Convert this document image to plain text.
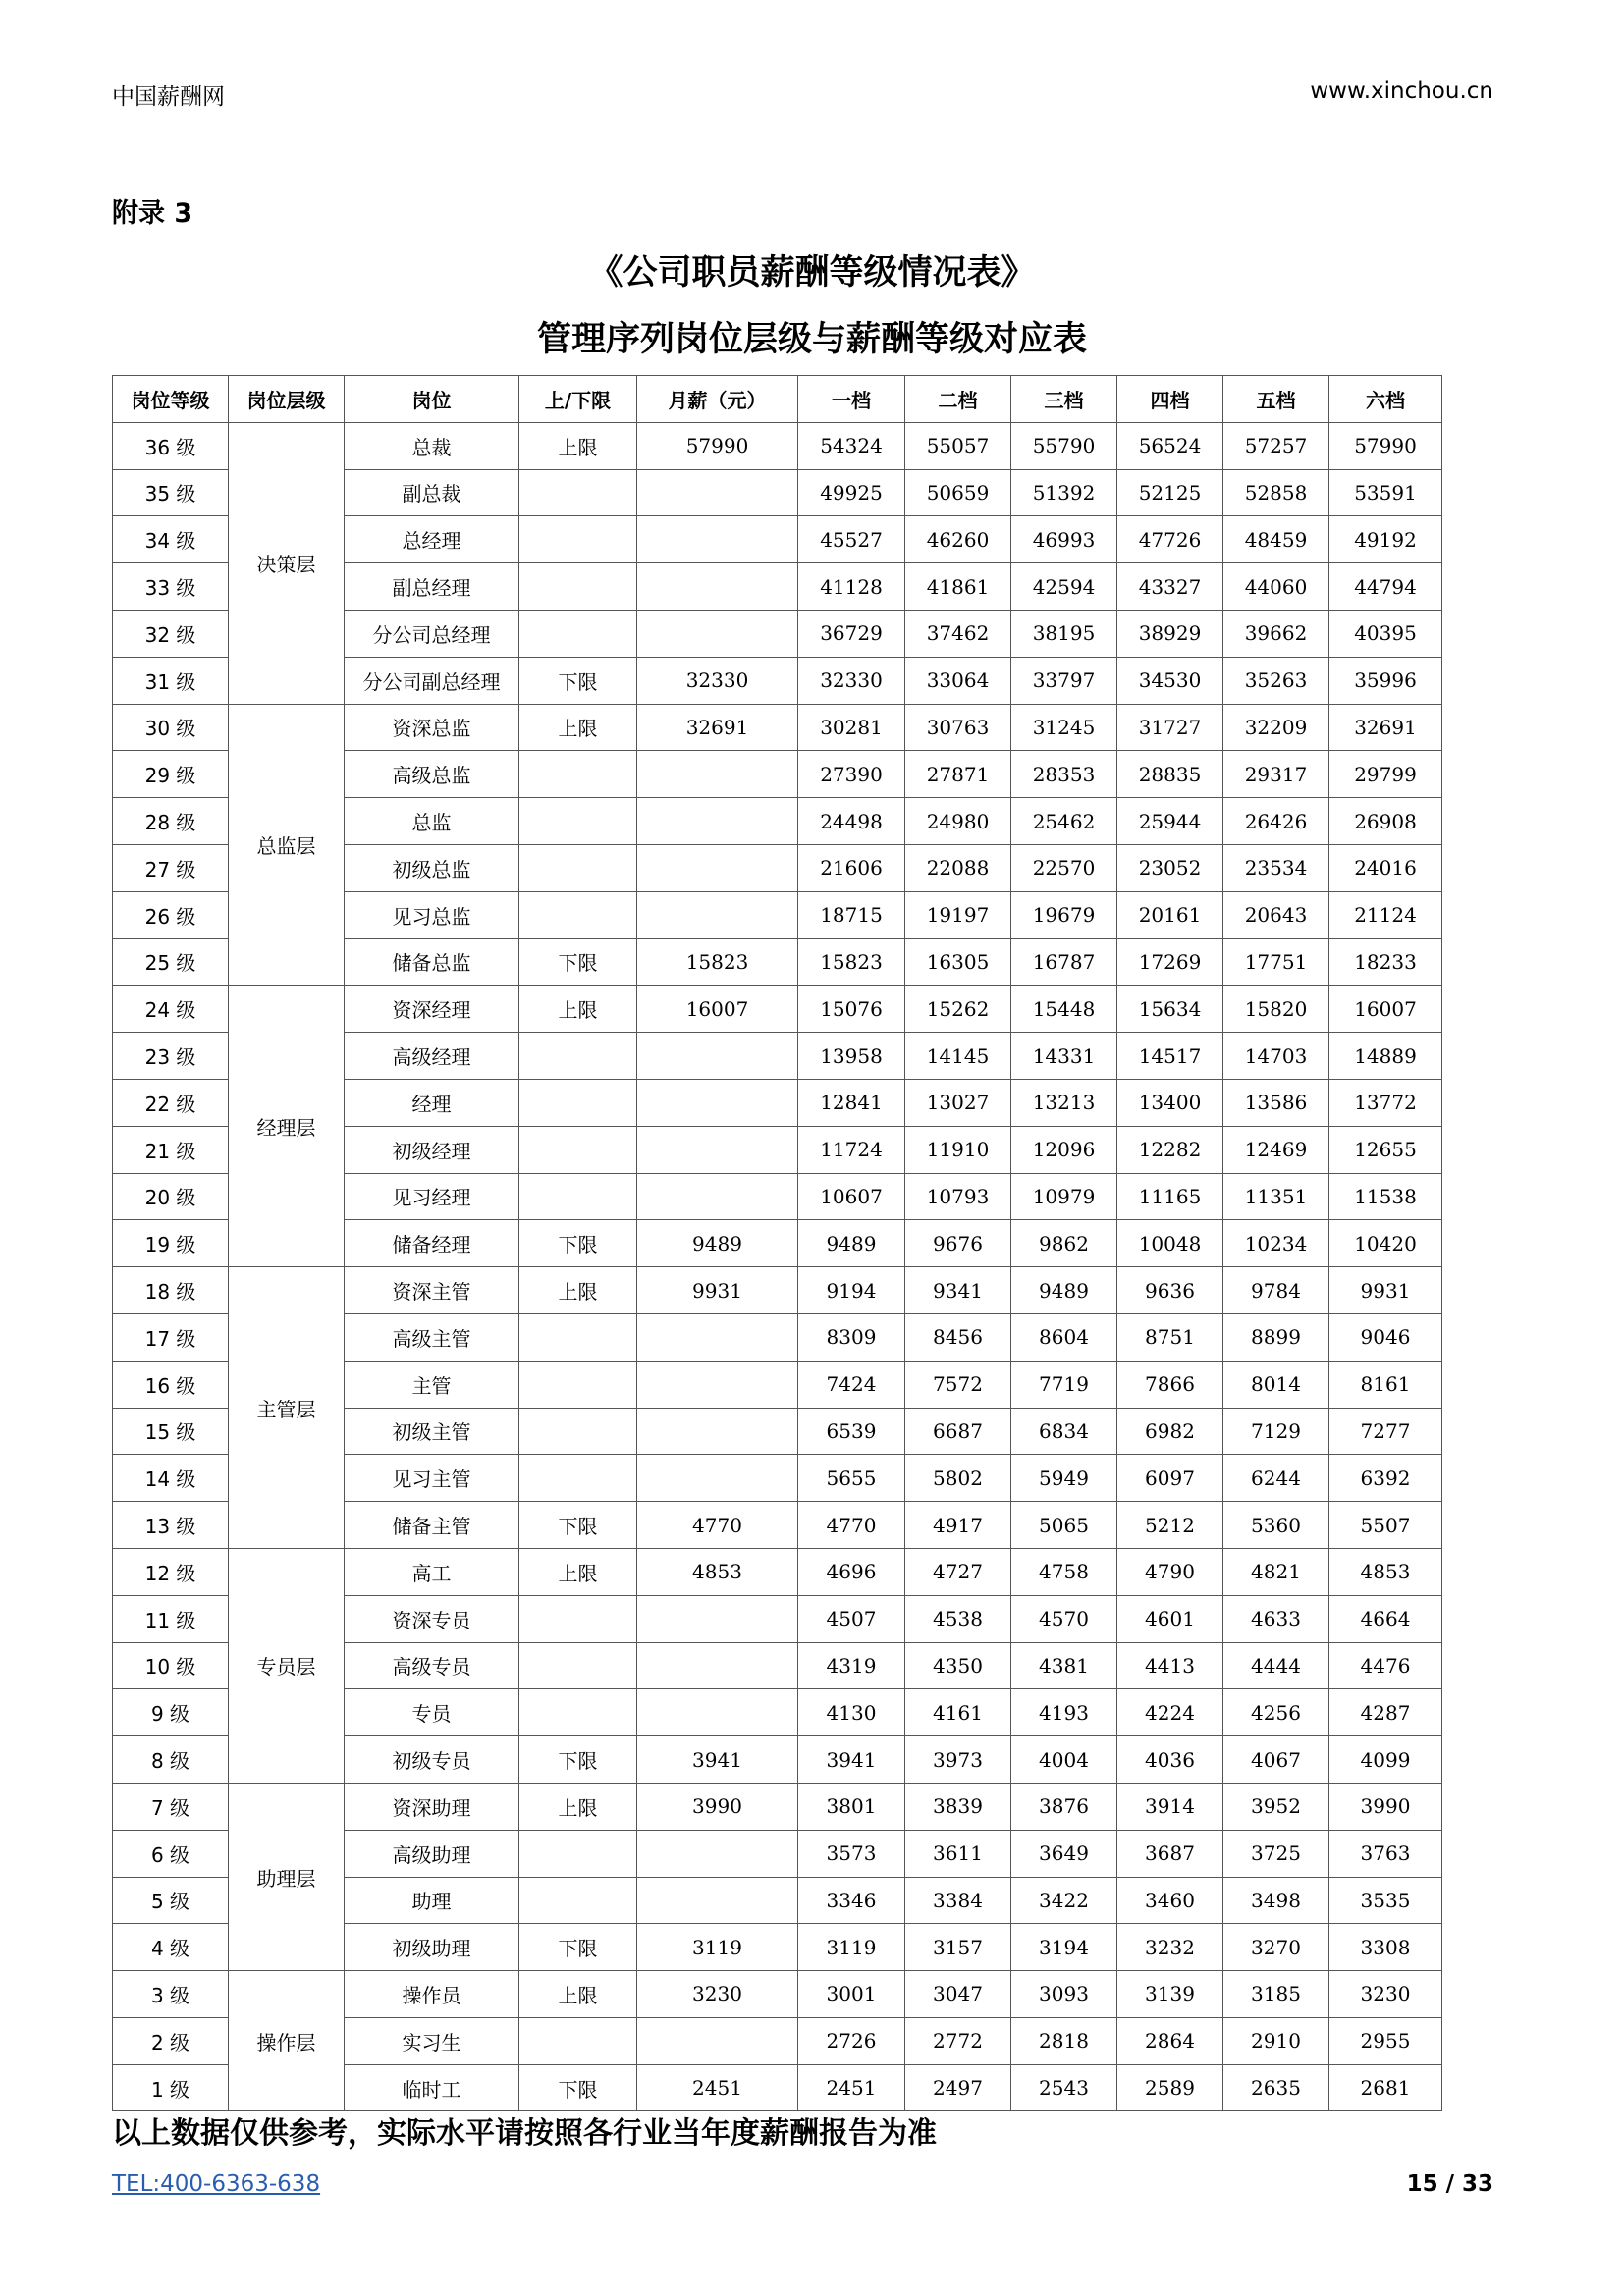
中国薪酬网	www.xinchou.cn
附录 3
《公司职员薪酬等级情况表》
管理序列岗位层级与薪酬等级对应表
岗位等级	岗位层级	岗位	上/下限	月薪（元）	一档	二档	三档	四档	五档	六档
36 级	决策层	总裁	上限	57990	54324	55057	55790	56524	57257	57990
35 级		副总裁			49925	50659	51392	52125	52858	53591
34 级		总经理			45527	46260	46993	47726	48459	49192
33 级		副总经理			41128	41861	42594	43327	44060	44794
32 级		分公司总经理			36729	37462	38195	38929	39662	40395
31 级		分公司副总经理	下限	32330	32330	33064	33797	34530	35263	35996
30 级	总监层	资深总监	上限	32691	30281	30763	31245	31727	32209	32691
29 级		高级总监			27390	27871	28353	28835	29317	29799
28 级		总监			24498	24980	25462	25944	26426	26908
27 级		初级总监			21606	22088	22570	23052	23534	24016
26 级		见习总监			18715	19197	19679	20161	20643	21124
25 级		储备总监	下限	15823	15823	16305	16787	17269	17751	18233
24 级	经理层	资深经理	上限	16007	15076	15262	15448	15634	15820	16007
23 级		高级经理			13958	14145	14331	14517	14703	14889
22 级		经理			12841	13027	13213	13400	13586	13772
21 级		初级经理			11724	11910	12096	12282	12469	12655
20 级		见习经理			10607	10793	10979	11165	11351	11538
19 级		储备经理	下限	9489	9489	9676	9862	10048	10234	10420
18 级	主管层	资深主管	上限	9931	9194	9341	9489	9636	9784	9931
17 级		高级主管			8309	8456	8604	8751	8899	9046
16 级		主管			7424	7572	7719	7866	8014	8161
15 级		初级主管			6539	6687	6834	6982	7129	7277
14 级		见习主管			5655	5802	5949	6097	6244	6392
13 级		储备主管	下限	4770	4770	4917	5065	5212	5360	5507
12 级	专员层	高工	上限	4853	4696	4727	4758	4790	4821	4853
11 级		资深专员			4507	4538	4570	4601	4633	4664
10 级		高级专员			4319	4350	4381	4413	4444	4476
9 级		专员			4130	4161	4193	4224	4256	4287
8 级		初级专员	下限	3941	3941	3973	4004	4036	4067	4099
7 级	助理层	资深助理	上限	3990	3801	3839	3876	3914	3952	3990
6 级		高级助理			3573	3611	3649	3687	3725	3763
5 级		助理			3346	3384	3422	3460	3498	3535
4 级		初级助理	下限	3119	3119	3157	3194	3232	3270	3308
3 级	操作层	操作员	上限	3230	3001	3047	3093	3139	3185	3230
2 级		实习生			2726	2772	2818	2864	2910	2955
1 级		临时工	下限	2451	2451	2497	2543	2589	2635	2681
以上数据仅供参考，实际水平请按照各行业当年度薪酬报告为准
TEL:400-6363-638	15 / 33
